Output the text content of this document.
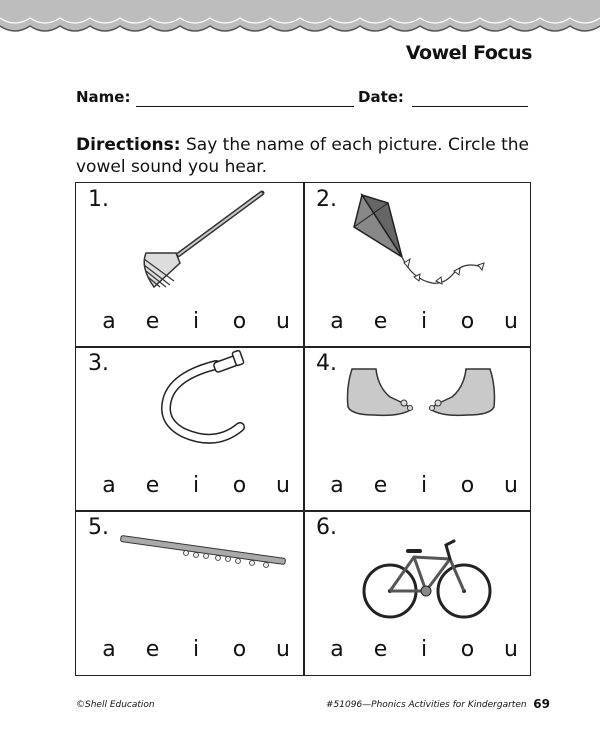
Vowel Focus
Name:	Date:
Directions: Say the name of each picture. Circle the vowel sound you hear.
1.
a e	i	o u
2.
a e	i	o u
3.
a e	i	o u
4.
a e	i	o u
5.
a e	i	o u
6.
a e	i	o u
©Shell Education	#51096—Phonics Activities for Kindergarten 69
